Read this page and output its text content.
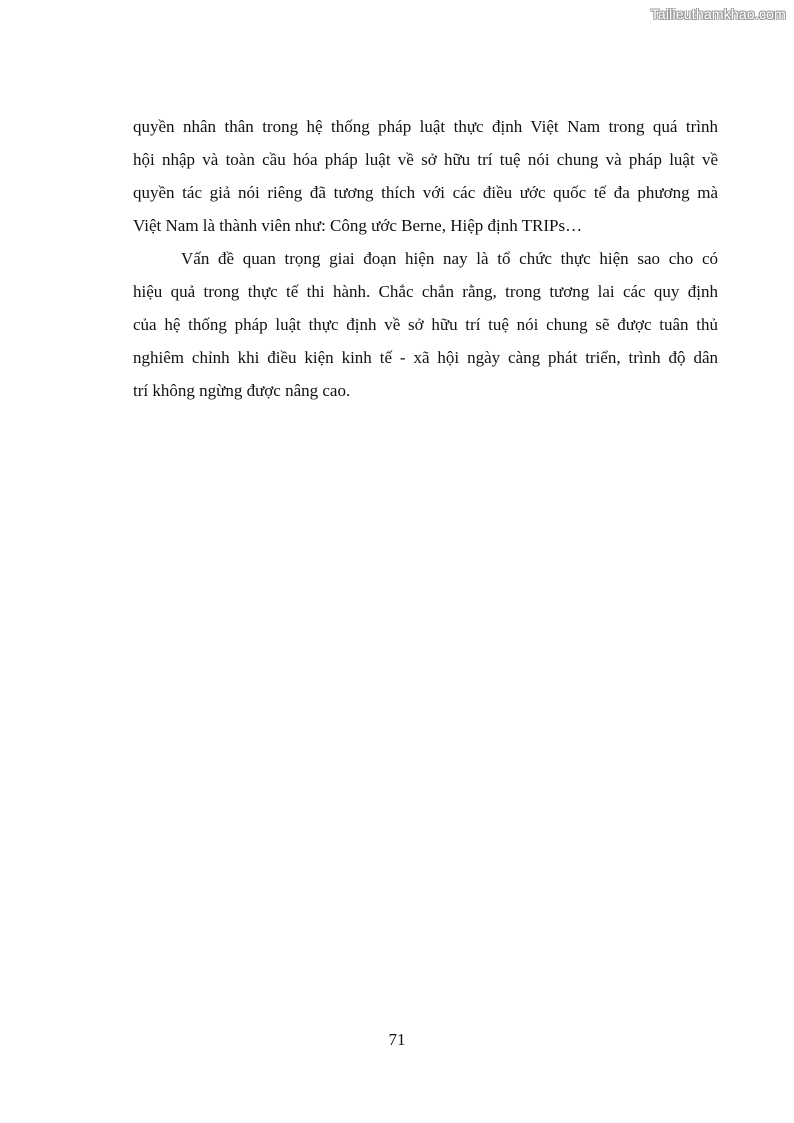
Tailieuthamkhao.com
quyền nhân thân trong hệ thống pháp luật thực định Việt Nam trong quá trình
hội nhập và toàn cầu hóa pháp luật về sở hữu trí tuệ nói chung và pháp luật về
quyền tác giả nói riêng đã tương thích với các điều ước quốc tế đa phương mà
Việt Nam là thành viên như: Công ước Berne, Hiệp định TRIPs…
Vấn đề quan trọng giai đoạn hiện nay là tổ chức thực hiện sao cho có
hiệu quả trong thực tế thi hành. Chắc chắn rằng, trong tương lai các quy định
của hệ thống pháp luật thực định về sở hữu trí tuệ nói chung sẽ được tuân thủ
nghiêm chỉnh khi điều kiện kinh tế - xã hội ngày càng phát triển, trình độ dân
trí không ngừng được nâng cao.
71
